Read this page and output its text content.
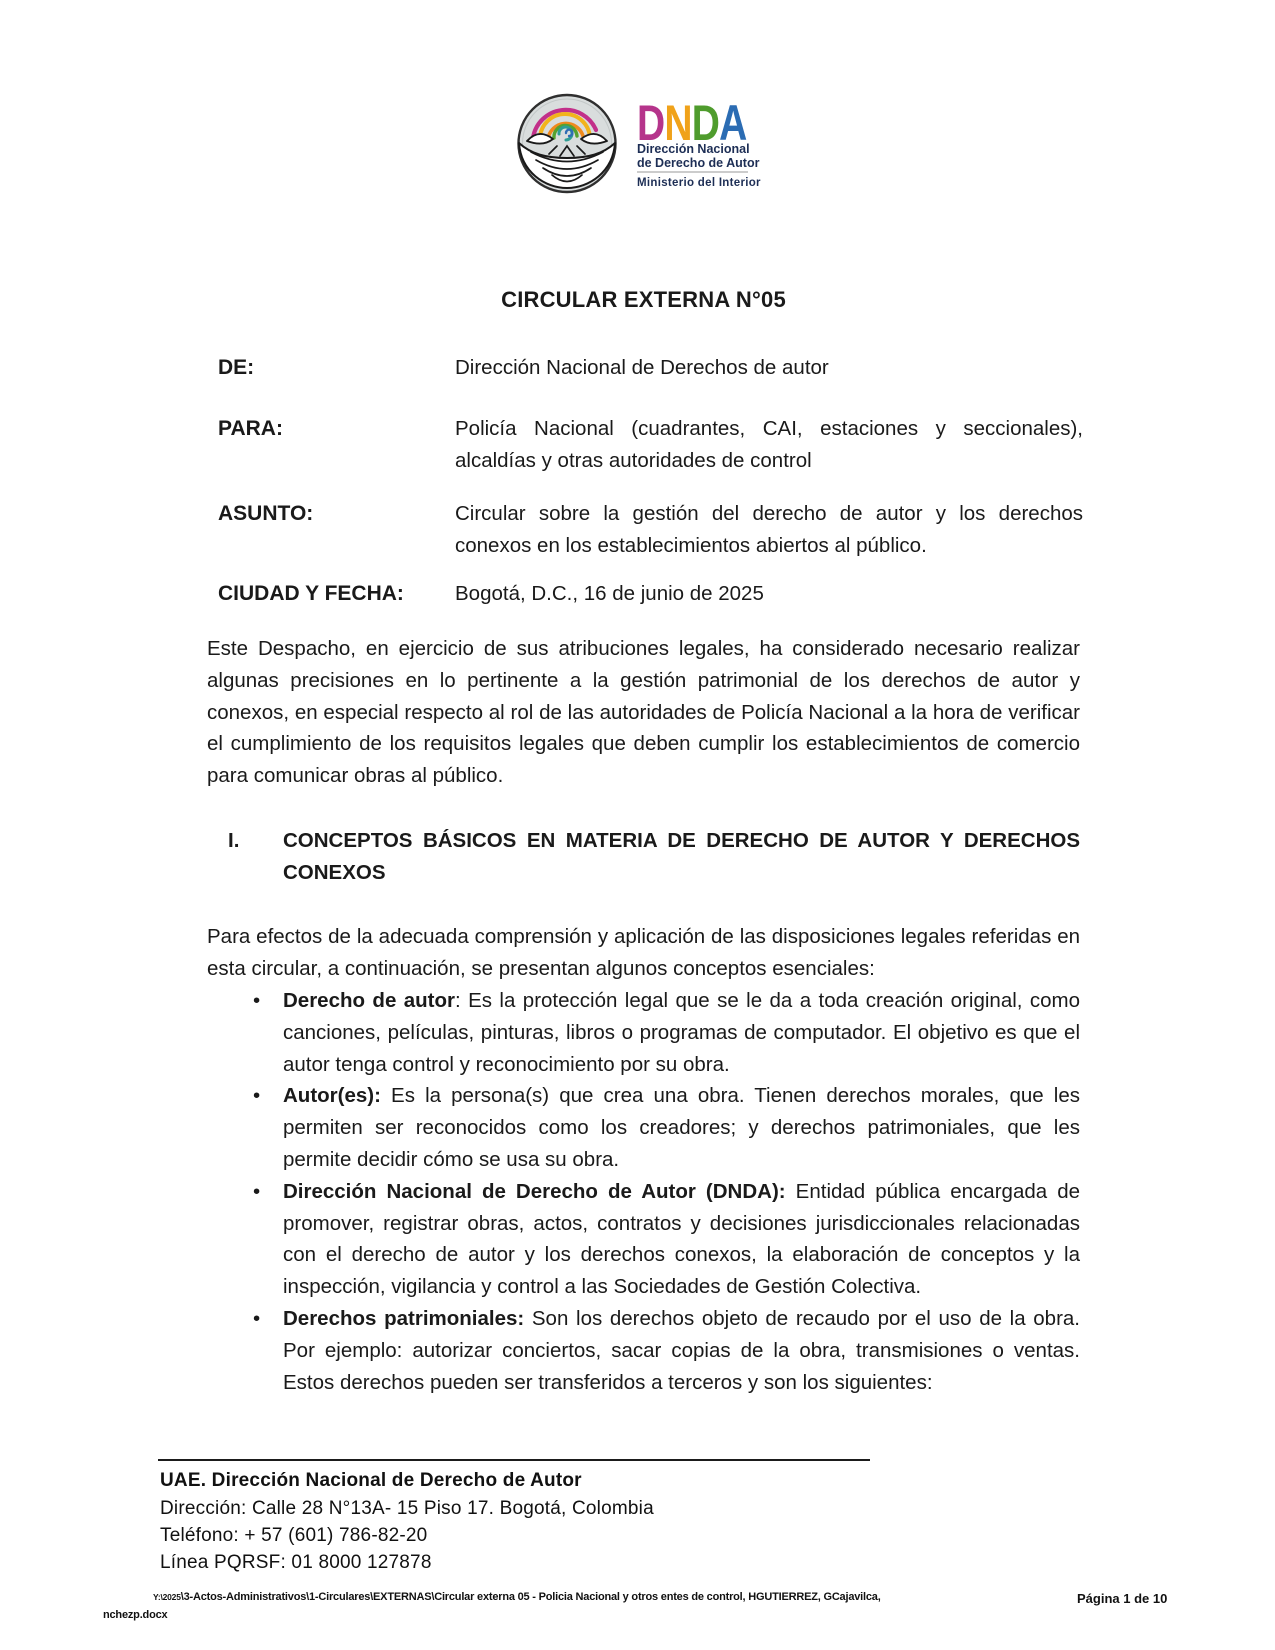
DNDA
Dirección Nacional
de Derecho de Autor
Ministerio del Interior
CIRCULAR EXTERNA N°05
DE:	Dirección Nacional de Derechos de autor
PARA:	Policía Nacional (cuadrantes, CAI, estaciones y seccionales), alcaldías y otras autoridades de control
ASUNTO:	Circular sobre la gestión del derecho de autor y los derechos conexos en los establecimientos abiertos al público.
CIUDAD Y FECHA: Bogotá, D.C., 16 de junio de 2025
Este Despacho, en ejercicio de sus atribuciones legales, ha considerado necesario realizar algunas precisiones en lo pertinente a la gestión patrimonial de los derechos de autor y conexos, en especial respecto al rol de las autoridades de Policía Nacional a la hora de verificar el cumplimiento de los requisitos legales que deben cumplir los establecimientos de comercio para comunicar obras al público.
I. CONCEPTOS BÁSICOS EN MATERIA DE DERECHO DE AUTOR Y DERECHOS CONEXOS
Para efectos de la adecuada comprensión y aplicación de las disposiciones legales referidas en esta circular, a continuación, se presentan algunos conceptos esenciales:
• Derecho de autor: Es la protección legal que se le da a toda creación original, como canciones, películas, pinturas, libros o programas de computador. El objetivo es que el autor tenga control y reconocimiento por su obra.
• Autor(es): Es la persona(s) que crea una obra. Tienen derechos morales, que les permiten ser reconocidos como los creadores; y derechos patrimoniales, que les permite decidir cómo se usa su obra.
• Dirección Nacional de Derecho de Autor (DNDA): Entidad pública encargada de promover, registrar obras, actos, contratos y decisiones jurisdiccionales relacionadas con el derecho de autor y los derechos conexos, la elaboración de conceptos y la inspección, vigilancia y control a las Sociedades de Gestión Colectiva.
• Derechos patrimoniales: Son los derechos objeto de recaudo por el uso de la obra. Por ejemplo: autorizar conciertos, sacar copias de la obra, transmisiones o ventas. Estos derechos pueden ser transferidos a terceros y son los siguientes:
UAE. Dirección Nacional de Derecho de Autor
Dirección: Calle 28 N°13A- 15 Piso 17. Bogotá, Colombia
Teléfono: + 57 (601) 786-82-20
Línea PQRSF: 01 8000 127878
Y:\2025\3-Actos-Administrativos\1-Circulares\EXTERNAS\Circular externa 05 - Policia Nacional y otros entes de control, HGUTIERREZ, GCajavilca,
nchezp.docx
Página 1 de 10
